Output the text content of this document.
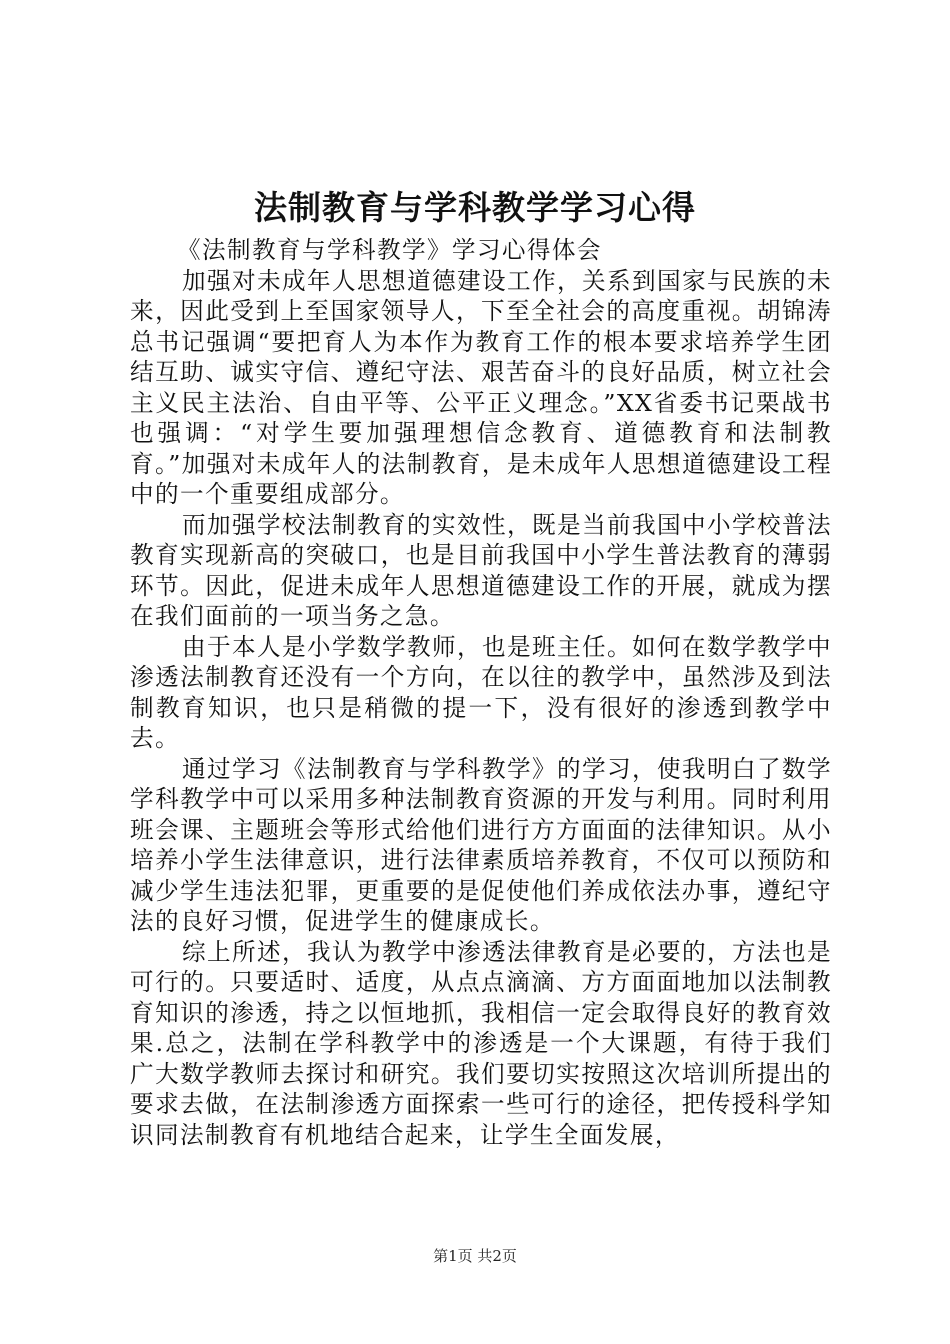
法制教育与学科教学学习心得

《法制教育与学科教学》学习心得体会

加强对未成年人思想道德建设工作，关系到国家与民族的未来，因此受到上至国家领导人，下至全社会的高度重视。胡锦涛总书记强调“要把育人为本作为教育工作的根本要求培养学生团结互助、诚实守信、遵纪守法、艰苦奋斗的良好品质，树立社会主义民主法治、自由平等、公平正义理念。”XX省委书记栗战书也强调：“对学生要加强理想信念教育、道德教育和法制教育。”加强对未成年人的法制教育，是未成年人思想道德建设工程中的一个重要组成部分。

而加强学校法制教育的实效性，既是当前我国中小学校普法教育实现新高的突破口，也是目前我国中小学生普法教育的薄弱环节。因此，促进未成年人思想道德建设工作的开展，就成为摆在我们面前的一项当务之急。

由于本人是小学数学教师，也是班主任。如何在数学教学中渗透法制教育还没有一个方向，在以往的教学中，虽然涉及到法制教育知识，也只是稍微的提一下，没有很好的渗透到教学中去。

通过学习《法制教育与学科教学》的学习，使我明白了数学学科教学中可以采用多种法制教育资源的开发与利用。同时利用班会课、主题班会等形式给他们进行方方面面的法律知识。从小培养小学生法律意识，进行法律素质培养教育，不仅可以预防和减少学生违法犯罪，更重要的是促使他们养成依法办事，遵纪守法的良好习惯，促进学生的健康成长。

综上所述，我认为教学中渗透法律教育是必要的，方法也是可行的。只要适时、适度，从点点滴滴、方方面面地加以法制教育知识的渗透，持之以恒地抓，我相信一定会取得良好的教育效果.总之，法制在学科教学中的渗透是一个大课题，有待于我们广大数学教师去探讨和研究。我们要切实按照这次培训所提出的要求去做，在法制渗透方面探索一些可行的途径，把传授科学知识同法制教育有机地结合起来，让学生全面发展，

第1页 共2页
